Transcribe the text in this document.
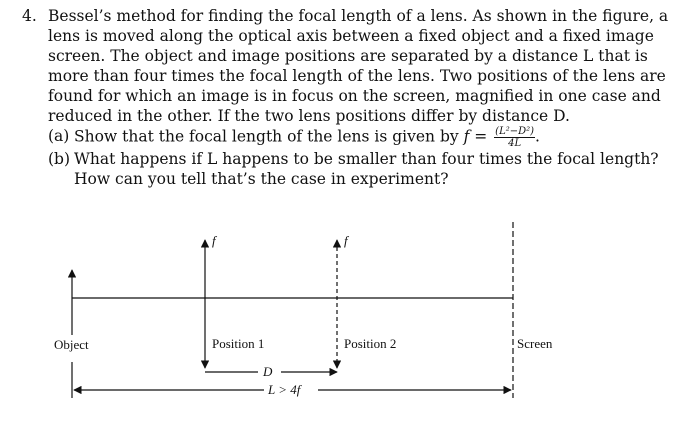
4. Bessel’s method for finding the focal length of a lens. As shown in the figure, a lens is moved along the optical axis between a fixed object and a fixed image screen. The object and image positions are separated by a distance L that is more than four times the focal length of the lens. Two positions of the lens are found for which an image is in focus on the screen, magnified in one case and reduced in the other. If the two lens positions differ by distance D.
(a) Show that the focal length of the lens is given by $f = \frac{\text{(L²−D²)}}{4L}$ .
(b) What happens if L happens to be smaller than four times the focal length? How can you tell that’s the case in experiment?
f	f
Object	Position 1	Position 2	Screen
D
L > 4f
